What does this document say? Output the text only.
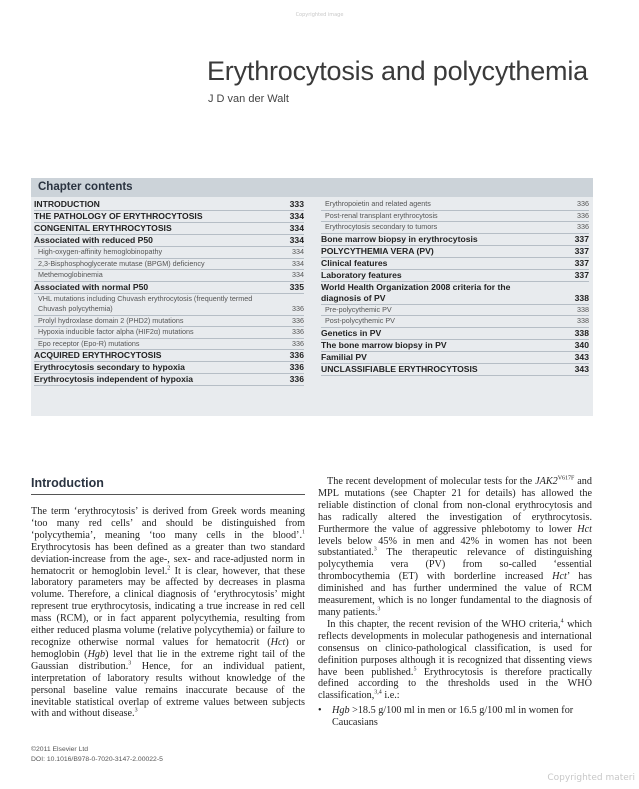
Copyrighted image
Erythrocytosis and polycythemia
J D van der Walt
Chapter contents
INTRODUCTION	333
THE PATHOLOGY OF ERYTHROCYTOSIS	334
CONGENITAL ERYTHROCYTOSIS	334
Associated with reduced P50	334
High-oxygen-affinity hemoglobinopathy	334
2,3-Bisphosphoglycerate mutase (BPGM) deficiency	334
Methemoglobinemia	334
Associated with normal P50	335
VHL mutations including Chuvash erythrocytosis (frequently termed Chuvash polycythemia)	336
Prolyl hydroxlase domain 2 (PHD2) mutations	336
Hypoxia inducible factor alpha (HIF2α) mutations	336
Epo receptor (Epo-R) mutations	336
ACQUIRED ERYTHROCYTOSIS	336
Erythrocytosis secondary to hypoxia	336
Erythrocytosis independent of hypoxia	336
Erythropoietin and related agents	336
Post-renal transplant erythrocytosis	336
Erythrocytosis secondary to tumors	336
Bone marrow biopsy in erythrocytosis	337
POLYCYTHEMIA VERA (PV)	337
Clinical features	337
Laboratory features	337
World Health Organization 2008 criteria for the diagnosis of PV	338
Pre-polycythemic PV	338
Post-polycythemic PV	338
Genetics in PV	338
The bone marrow biopsy in PV	340
Familial PV	343
UNCLASSIFIABLE ERYTHROCYTOSIS	343
Introduction

The term ‘erythrocytosis’ is derived from Greek words meaning ‘too many red cells’ and should be distinguished from ‘polycythemia’, meaning ‘too many cells in the blood’.$^1$ Erythrocytosis has been defined as a greater than two standard deviation-increase from the age-, sex- and race-adjusted norm in hematocrit or hemoglobin level.$^2$ It is clear, however, that these laboratory parameters may be affected by decreases in plasma volume. Therefore, a clinical diagnosis of ‘erythrocytosis’ might represent true erythrocytosis, indicating a true increase in red cell mass (RCM), or in fact apparent polycythemia, resulting from either reduced plasma volume (relative polycythemia) or failure to recognize otherwise normal values for hematocrit (Hct) or hemoglobin (Hgb) level that lie in the extreme right tail of the Gaussian distribution.$^3$ Hence, for an individual patient, interpretation of laboratory results without knowledge of the personal baseline value remains inaccurate because of the inevitable statistical overlap of extreme values between subjects with and without disease.$^3$

The recent development of molecular tests for the $JAK2^{V617F}$ and MPL mutations (see Chapter 21 for details) has allowed the reliable distinction of clonal from non-clonal erythrocytosis and has radically altered the investigation of erythrocytosis. Furthermore the value of aggressive phlebotomy to lower Hct levels below 45% in men and 42% in women has not been substantiated.$^3$ The therapeutic relevance of distinguishing polycythemia vera (PV) from so-called ‘essential thrombocythemia (ET) with borderline increased Hct’ has diminished and has further undermined the value of RCM measurement, which is no longer fundamental to the diagnosis of many patients.$^3$

In this chapter, the recent revision of the WHO criteria,$^4$ which reflects developments in molecular pathogenesis and international consensus on clinico-pathological classification, is used for definition purposes although it is recognized that dissenting views have been published.$^5$ Erythrocytosis is therefore practically defined according to the thresholds used in the WHO classification,$^{3,4}$ i.e.:

•	Hgb >18.5 g/100 ml in men or 16.5 g/100 ml in women for Caucasians
©2011 Elsevier Ltd
DOI: 10.1016/B978-0-7020-3147-2.00022-5
Copyrighted materi
